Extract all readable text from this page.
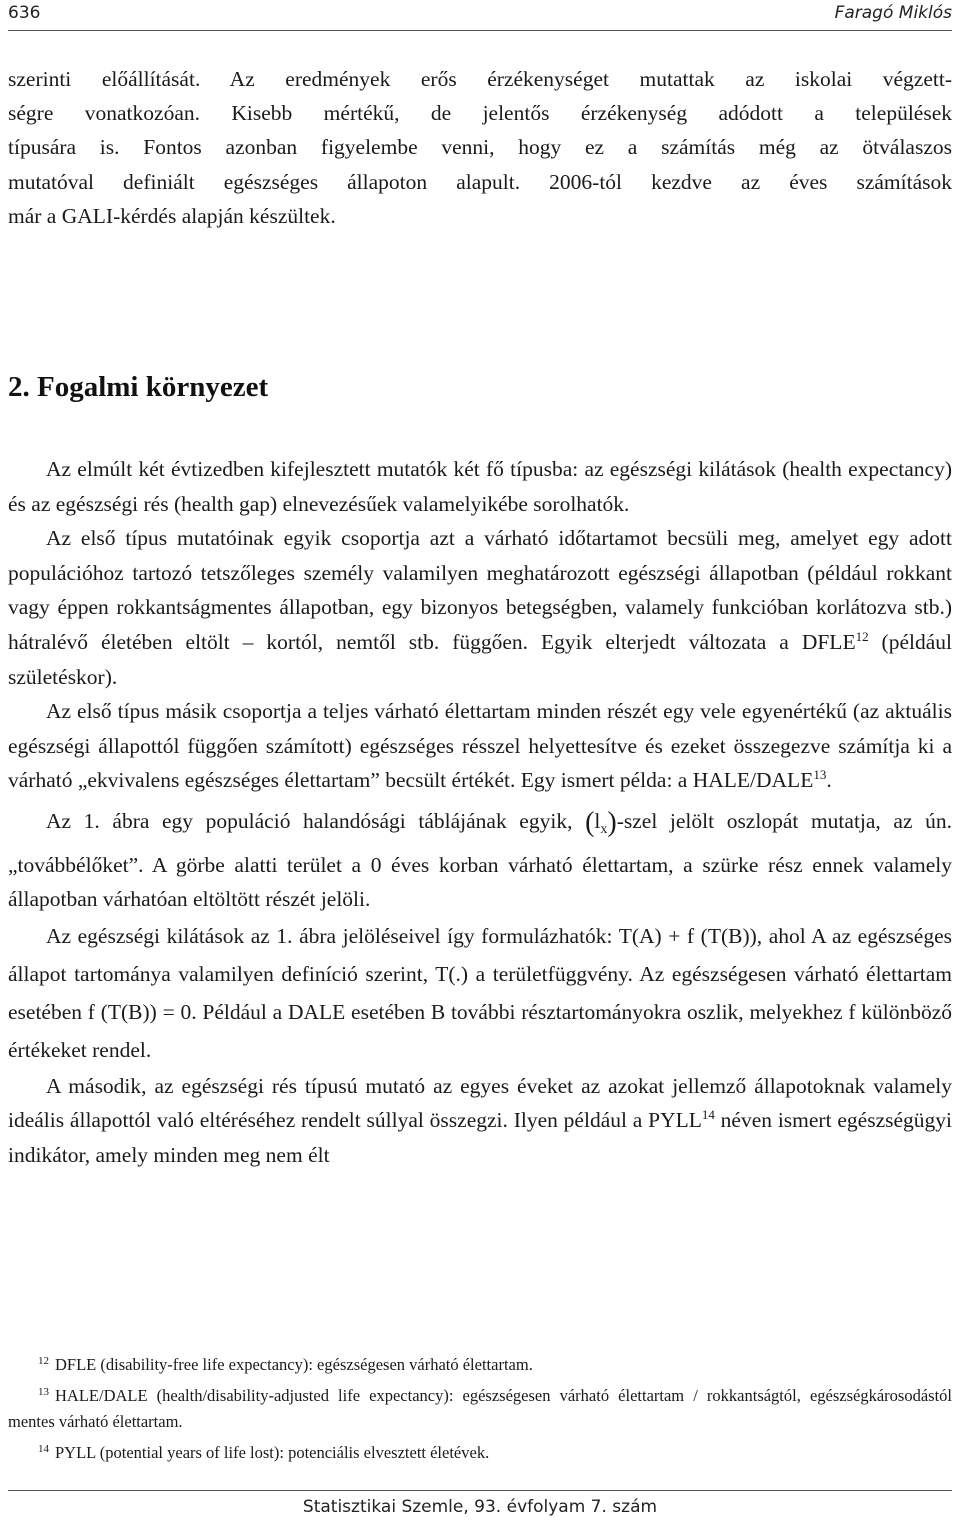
636	Faragó Miklós

szerinti előállítását. Az eredmények erős érzékenységet mutattak az iskolai végzett-

ségre vonatkozóan. Kisebb mértékű, de jelentős érzékenység adódott a települések

típusára is. Fontos azonban figyelembe venni, hogy ez a számítás még az ötválaszos

mutatóval definiált egészséges állapoton alapult. 2006-tól kezdve az éves számítások

már a GALI-kérdés alapján készültek.

2. Fogalmi környezet

Az elmúlt két évtizedben kifejlesztett mutatók két fő típusba: az egészségi kilátások (health expectancy) és az egészségi rés (health gap) elnevezésűek valamelyikébe sorolhatók.

Az első típus mutatóinak egyik csoportja azt a várható időtartamot becsüli meg, amelyet egy adott populációhoz tartozó tetszőleges személy valamilyen meghatározott egészségi állapotban (például rokkant vagy éppen rokkantságmentes állapotban, egy bizonyos betegségben, valamely funkcióban korlátozva stb.) hátralévő életében eltölt – kortól, nemtől stb. függően. Egyik elterjedt változata a DFLE$^{12}$ (például születéskor).

Az első típus másik csoportja a teljes várható élettartam minden részét egy vele egyenértékű (az aktuális egészségi állapottól függően számított) egészséges résszel helyettesítve és ezeket összegezve számítja ki a várható „ekvivalens egészséges élettartam” becsült értékét. Egy ismert példa: a HALE/DALE$^{13}$.

Az 1. ábra egy populáció halandósági táblájának egyik, $(l_x)$-szel jelölt oszlopát mutatja, az ún. „továbbélőket”. A görbe alatti terület a 0 éves korban várható élettartam, a szürke rész ennek valamely állapotban várhatóan eltöltött részét jelöli.

Az egészségi kilátások az 1. ábra jelöléseivel így formulázhatók: T(A) + f (T(B)), ahol A az egészséges állapot tartománya valamilyen definíció szerint, T(.) a területfüggvény. Az egészségesen várható élettartam esetében f (T(B)) = 0. Például a DALE esetében B további résztartományokra oszlik, melyekhez f különböző értékeket rendel.

A második, az egészségi rés típusú mutató az egyes éveket az azokat jellemző állapotoknak valamely ideális állapottól való eltéréséhez rendelt súllyal összegzi. Ilyen például a PYLL$^{14}$ néven ismert egészségügyi indikátor, amely minden meg nem élt

$^{12}$ DFLE (disability-free life expectancy): egészségesen várható élettartam.

$^{13}$ HALE/DALE (health/disability-adjusted life expectancy): egészségesen várható élettartam / rokkantságtól, egészségkárosodástól mentes várható élettartam.

$^{14}$ PYLL (potential years of life lost): potenciális elvesztett életévek.

Statisztikai Szemle, 93. évfolyam 7. szám
